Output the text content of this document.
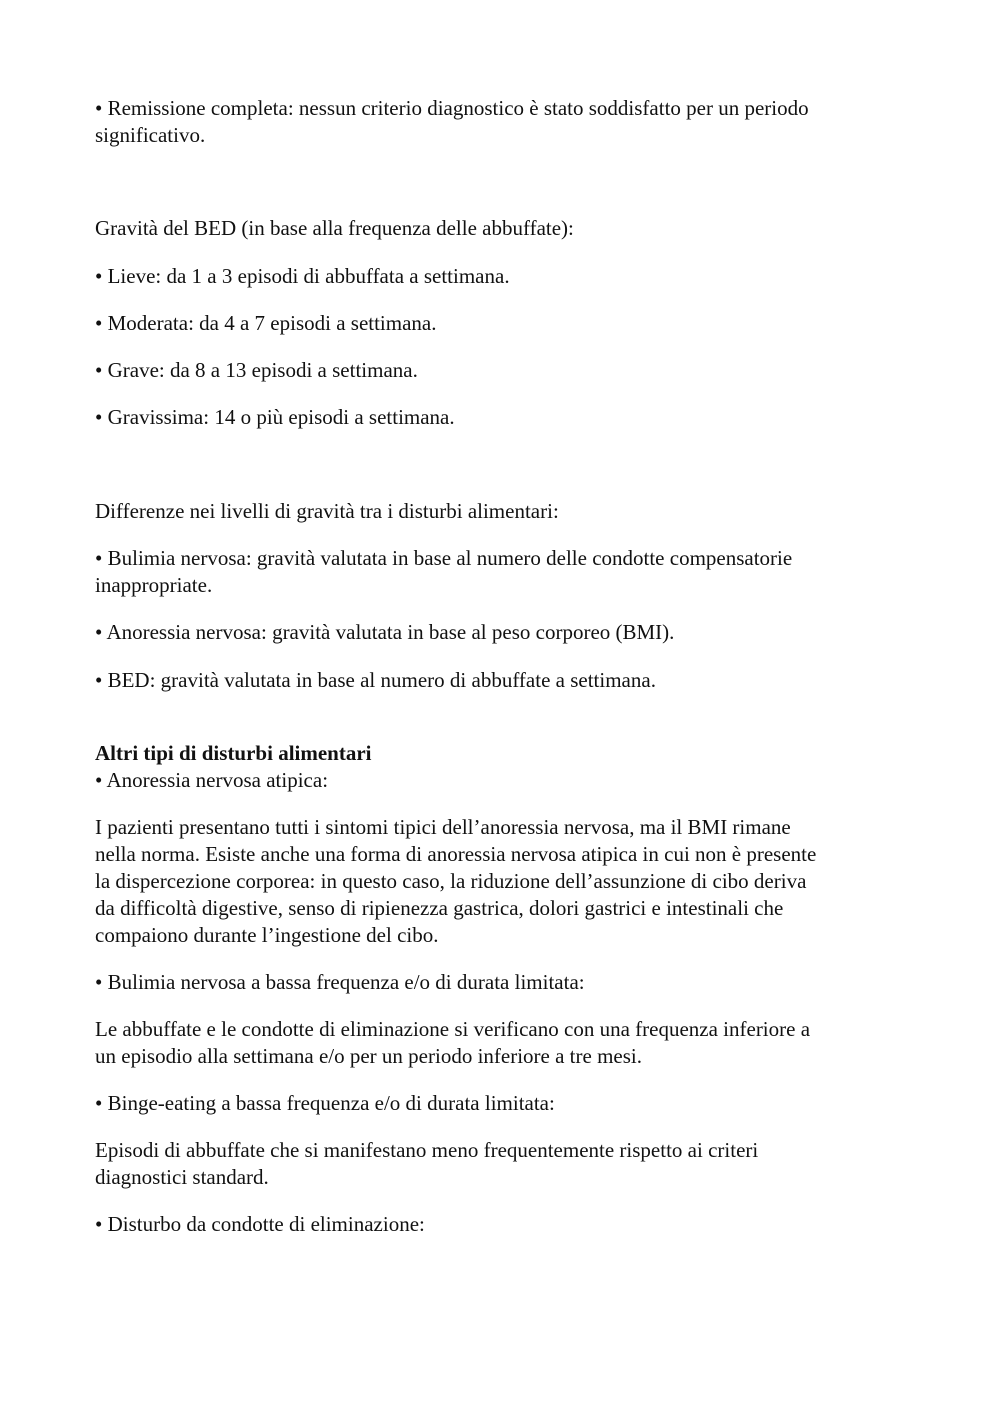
• Remissione completa: nessun criterio diagnostico è stato soddisfatto per un periodo
significativo.
Gravità del BED (in base alla frequenza delle abbuffate):
• Lieve: da 1 a 3 episodi di abbuffata a settimana.
• Moderata: da 4 a 7 episodi a settimana.
• Grave: da 8 a 13 episodi a settimana.
• Gravissima: 14 o più episodi a settimana.
Differenze nei livelli di gravità tra i disturbi alimentari:
• Bulimia nervosa: gravità valutata in base al numero delle condotte compensatorie
inappropriate.
• Anoressia nervosa: gravità valutata in base al peso corporeo (BMI).
• BED: gravità valutata in base al numero di abbuffate a settimana.
Altri tipi di disturbi alimentari
• Anoressia nervosa atipica:
I pazienti presentano tutti i sintomi tipici dell’anoressia nervosa, ma il BMI rimane
nella norma. Esiste anche una forma di anoressia nervosa atipica in cui non è presente
la dispercezione corporea: in questo caso, la riduzione dell’assunzione di cibo deriva
da difficoltà digestive, senso di ripienezza gastrica, dolori gastrici e intestinali che
compaiono durante l’ingestione del cibo.
• Bulimia nervosa a bassa frequenza e/o di durata limitata:
Le abbuffate e le condotte di eliminazione si verificano con una frequenza inferiore a
un episodio alla settimana e/o per un periodo inferiore a tre mesi.
• Binge-eating a bassa frequenza e/o di durata limitata:
Episodi di abbuffate che si manifestano meno frequentemente rispetto ai criteri
diagnostici standard.
• Disturbo da condotte di eliminazione:
